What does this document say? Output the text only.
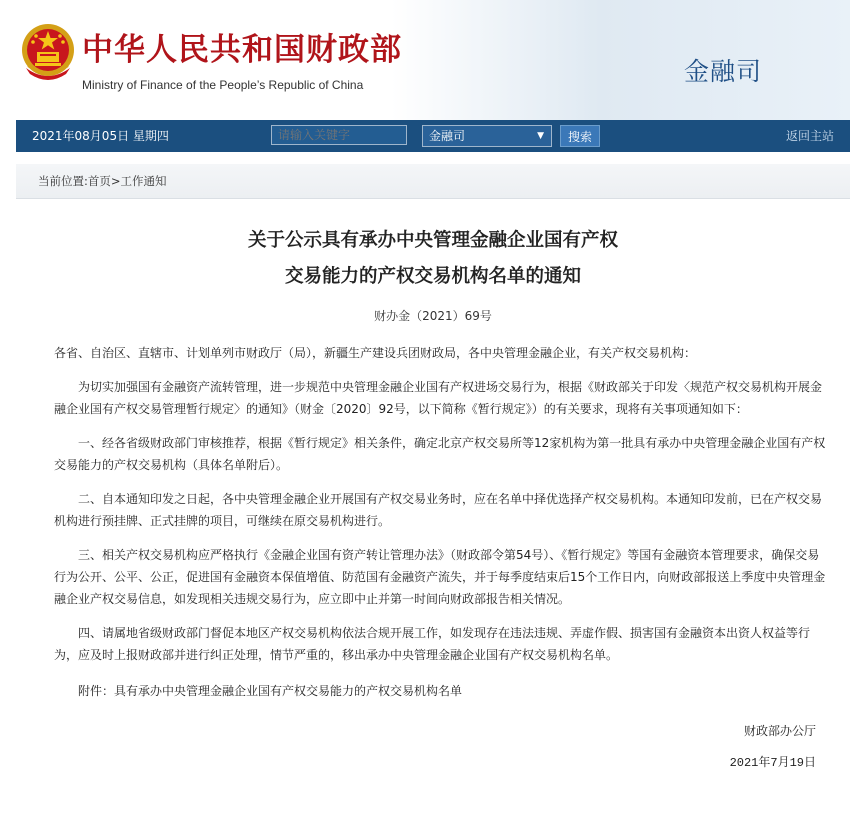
中华人民共和国财政部
Ministry of Finance of the People’s Republic of China	金融司
2021年08月05日 星期四
请输入关键字	金融司	▼	搜索	返回主站
当前位置:首页>工作通知
关于公示具有承办中央管理金融企业国有产权
交易能力的产权交易机构名单的通知
财办金（2021）69号

各省、自治区、直辖市、计划单列市财政厅（局），新疆生产建设兵团财政局，各中央管理金融企业，有关产权交易机构：

为切实加强国有金融资产流转管理，进一步规范中央管理金融企业国有产权进场交易行为，根据《财政部关于印发〈规范产权交易机构开展金融企业国有产权交易管理暂行规定〉的通知》（财金〔2020〕92号，以下简称《暂行规定》）的有关要求，现将有关事项通知如下：

一、经各省级财政部门审核推荐，根据《暂行规定》相关条件，确定北京产权交易所等12家机构为第一批具有承办中央管理金融企业国有产权交易能力的产权交易机构（具体名单附后）。

二、自本通知印发之日起，各中央管理金融企业开展国有产权交易业务时，应在名单中择优选择产权交易机构。本通知印发前，已在产权交易机构进行预挂牌、正式挂牌的项目，可继续在原交易机构进行。

三、相关产权交易机构应严格执行《金融企业国有资产转让管理办法》（财政部令第54号）、《暂行规定》等国有金融资本管理要求，确保交易行为公开、公平、公正，促进国有金融资本保值增值、防范国有金融资产流失，并于每季度结束后15个工作日内，向财政部报送上季度中央管理金融企业产权交易信息，如发现相关违规交易行为，应立即中止并第一时间向财政部报告相关情况。

四、请属地省级财政部门督促本地区产权交易机构依法合规开展工作，如发现存在违法违规、弄虚作假、损害国有金融资本出资人权益等行为，应及时上报财政部并进行纠正处理，情节严重的，移出承办中央管理金融企业国有产权交易机构名单。

附件：具有承办中央管理金融企业国有产权交易能力的产权交易机构名单
财政部办公厅
2021年7月19日
